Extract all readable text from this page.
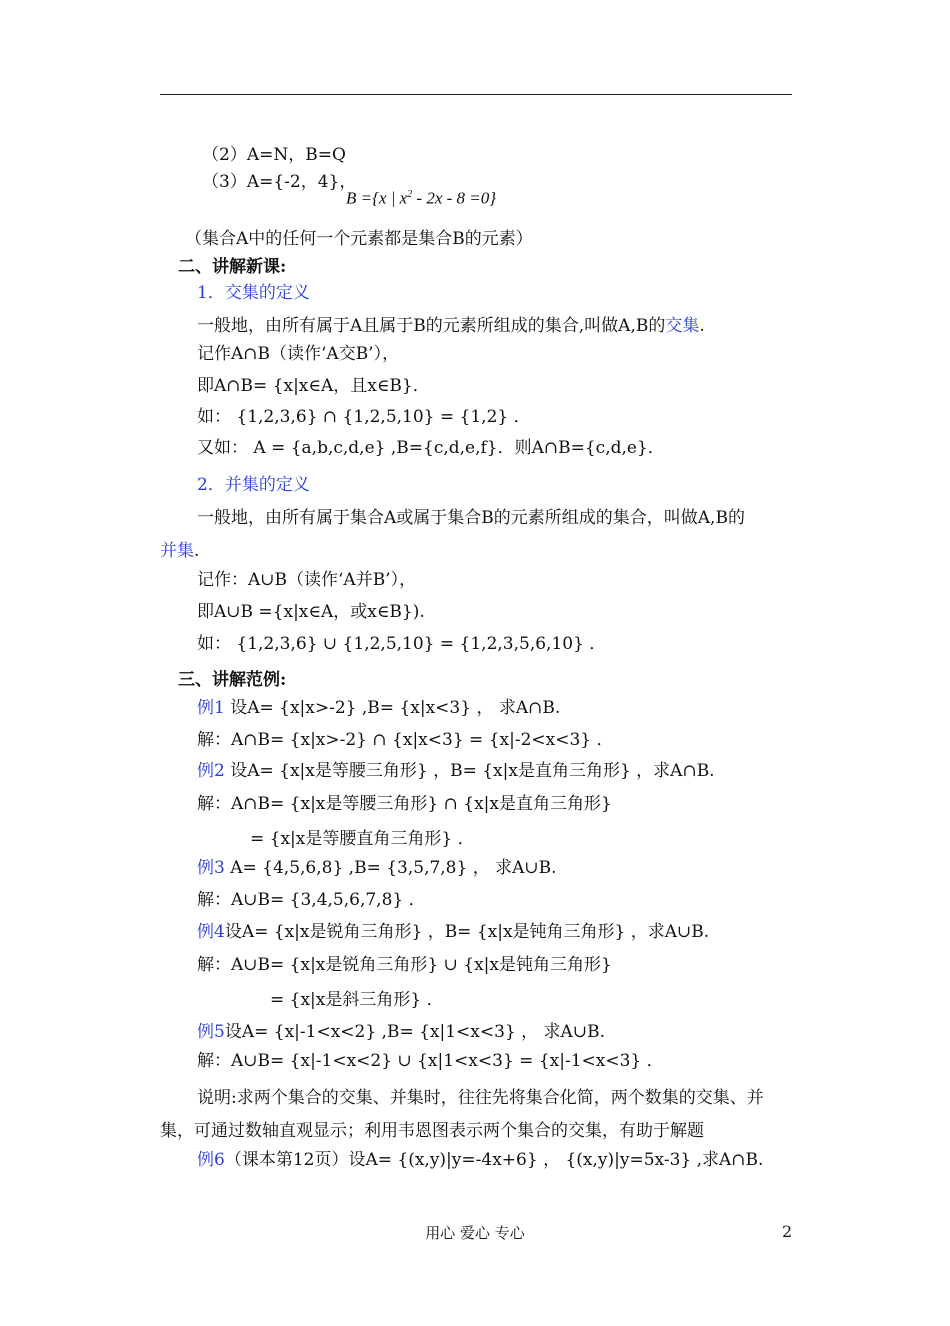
（2）A=N，B=Q
（3）A={-2，4}，
B ={x | $x^2 - 2x - 8 =0$}
（集合A中的任何一个元素都是集合B的元素）
二、讲解新课:
1．交集的定义
一般地，由所有属于A且属于B的元素所组成的集合,叫做A,B的交集.
记作A∩B（读作‘A交B’），
即A∩B= {x|x∈A，且x∈B}．
如： {1,2,3,6} ∩ {1,2,5,10} = {1,2} ．
又如： A = {a,b,c,d,e} ,B={c,d,e,f}．则A∩B={c,d,e}．
2．并集的定义
一般地，由所有属于集合A或属于集合B的元素所组成的集合，叫做A,B的
并集.
记作：A∪B（读作‘A并B’），
即A∪B ={x|x∈A，或x∈B}).
如： {1,2,3,6} ∪ {1,2,5,10} = {1,2,3,5,6,10} ．
三、讲解范例:
例1 设A= {x|x>-2} ,B= {x|x<3} ， 求A∩B.
解：A∩B= {x|x>-2} ∩ {x|x<3} = {x|-2<x<3} ．
例2 设A= {x|x是等腰三角形} ，B= {x|x是直角三角形} ，求A∩B.
解：A∩B= {x|x是等腰三角形} ∩ {x|x是直角三角形}
= {x|x是等腰直角三角形} ．
例3 A= {4,5,6,8} ,B= {3,5,7,8} ， 求A∪B.
解：A∪B= {3,4,5,6,7,8} ．
例4设A= {x|x是锐角三角形} ，B= {x|x是钝角三角形} ，求A∪B.
解：A∪B= {x|x是锐角三角形} ∪ {x|x是钝角三角形}
= {x|x是斜三角形} ．
例5设A= {x|-1<x<2} ,B= {x|1<x<3} ， 求A∪B.
解：A∪B= {x|-1<x<2} ∪ {x|1<x<3} = {x|-1<x<3} ．
说明:求两个集合的交集、并集时，往往先将集合化简，两个数集的交集、并
集，可通过数轴直观显示；利用韦恩图表示两个集合的交集，有助于解题
例6（课本第12页）设A= {(x,y)|y=-4x+6} ， {(x,y)|y=5x-3} ,求A∩B.
用心 爱心 专心	2
